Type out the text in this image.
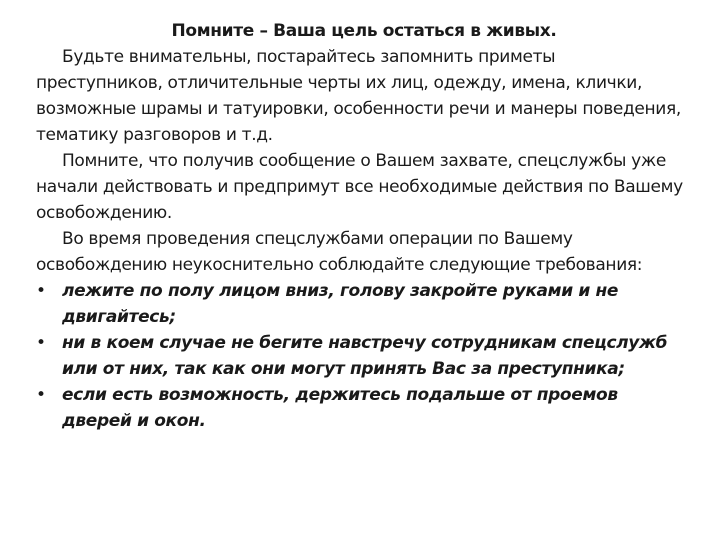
Помните – Ваша цель остаться в живых.

Будьте внимательны, постарайтесь запомнить приметы преступников, отличительные черты их лиц, одежду, имена, клички, возможные шрамы и татуировки, особенности речи и манеры поведения, тематику разговоров и т.д.

Помните, что получив сообщение о Вашем захвате, спецслужбы уже начали действовать и предпримут все необходимые действия по Вашему освобождению.

Во время проведения спецслужбами операции по Вашему освобождению неукоснительно соблюдайте следующие требования:

• лежите по полу лицом вниз, голову закройте руками и не двигайтесь;
• ни в коем случае не бегите навстречу сотрудникам спецслужб или от них, так как они могут принять Вас за преступника;
• если есть возможность, держитесь подальше от проемов дверей и окон.
